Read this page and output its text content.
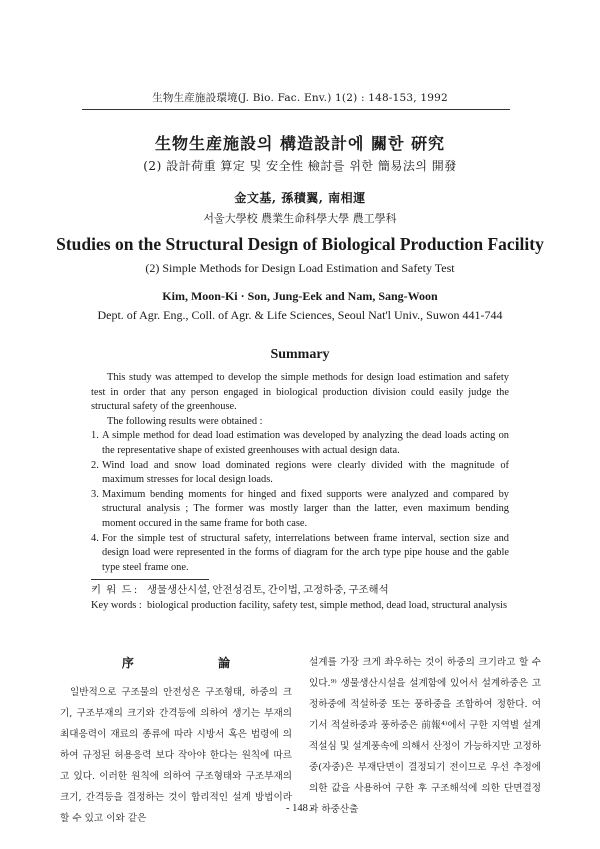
生物生産施設環境(J. Bio. Fac. Env.) 1(2) : 148-153, 1992
生物生産施設의 構造設計에 關한 硏究
(2) 設計荷重 算定 및 安全性 檢討를 위한 簡易法의 開發
金文基, 孫積翼, 南相運
서울大學校 農業生命科學大學 農工學科
Studies on the Structural Design of Biological Production Facility
(2) Simple Methods for Design Load Estimation and Safety Test
Kim, Moon-Ki · Son, Jung-Eek and Nam, Sang-Woon
Dept. of Agr. Eng., Coll. of Agr. & Life Sciences, Seoul Nat'l Univ., Suwon 441-744
Summary

This study was attemped to develop the simple methods for design load estimation and safety test in order that any person engaged in biological production division could easily judge the structural safety of the greenhouse.

The following results were obtained :

1. A simple method for dead load estimation was developed by analyzing the dead loads acting on the representative shape of existed greenhouses with actual design data.
2. Wind load and snow load dominated regions were clearly divided with the magnitude of maximum stresses for local design loads.
3. Maximum bending moments for hinged and fixed supports were analyzed and compared by structural analysis ; The former was mostly larger than the latter, even maximum bending moment occured in the same frame for both case.
4. For the simple test of structural safety, interrelations between frame interval, section size and design load were represented in the forms of diagram for the arch type pipe house and the gable type steel frame one.
키  워  드 : 생물생산시설, 안전성검토, 간이법, 고정하중, 구조해석
Key words : biological production facility, safety test, simple method, dead load, structural analysis
序 論

일반적으로 구조물의 안전성은 구조형태, 하중의 크기, 구조부재의 크기와 간격등에 의하여 생기는 부재의 최대응력이 재료의 종류에 따라 시방서 혹은 법령에 의하여 규정된 허용응력 보다 작아야 한다는 원칙에 따르고 있다. 이러한 원칙에 의하여 구조형태와 구조부재의 크기, 간격등을 결정하는 것이 합리적인 설계 방법이라 할 수 있고 이와 같은

설계를 가장 크게 좌우하는 것이 하중의 크기라고 할 수 있다.⁹⁾ 생물생산시설을 설계함에 있어서 설계하중은 고정하중에 적설하중 또는 풍하중을 조합하여 정한다. 여기서 적설하중과 풍하중은 前報⁴⁾에서 구한 지역별 설계적설심 및 설계풍속에 의해서 산정이 가능하지만 고정하중(자중)은 부재단면이 결정되기 전이므로 우선 추정에 의한 값을 사용하여 구한 후 구조해석에 의한 단면결정과 하중산출

- 148 -
